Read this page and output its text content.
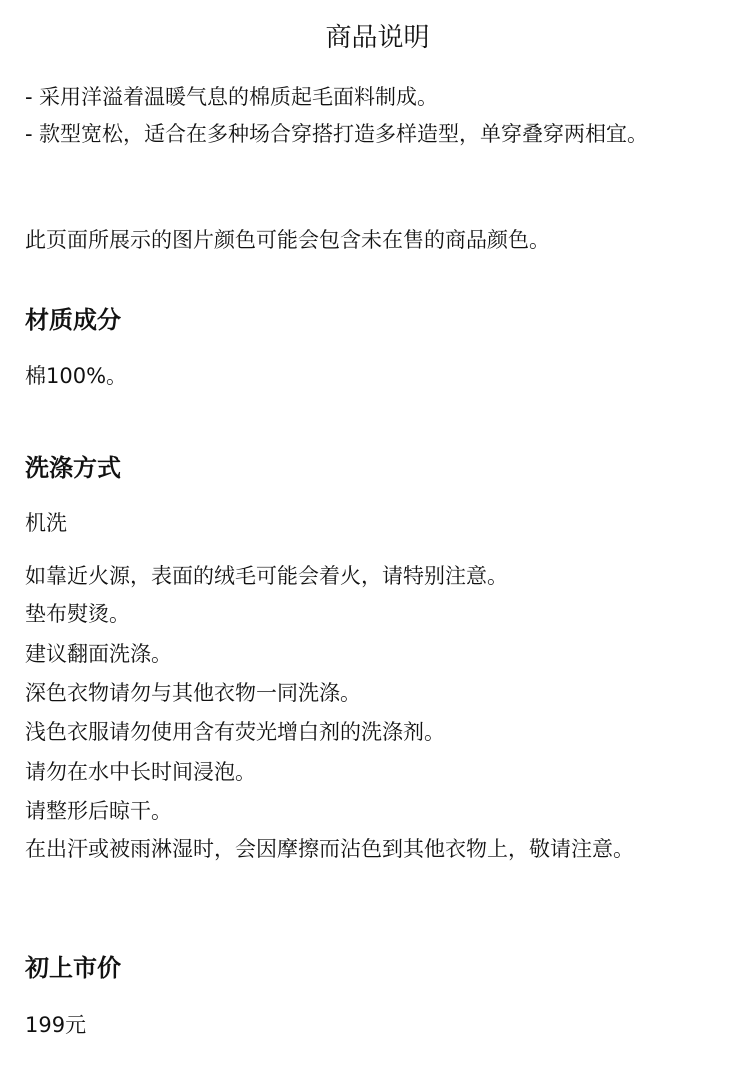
商品说明
- 采用洋溢着温暖气息的棉质起毛面料制成。
- 款型宽松，适合在多种场合穿搭打造多样造型，单穿叠穿两相宜。
此页面所展示的图片颜色可能会包含未在售的商品颜色。
材质成分
棉100%。
洗涤方式
机洗
如靠近火源，表面的绒毛可能会着火，请特别注意。
垫布熨烫。
建议翻面洗涤。
深色衣物请勿与其他衣物一同洗涤。
浅色衣服请勿使用含有荧光增白剂的洗涤剂。
请勿在水中长时间浸泡。
请整形后晾干。
在出汗或被雨淋湿时，会因摩擦而沾色到其他衣物上，敬请注意。
初上市价
199元
